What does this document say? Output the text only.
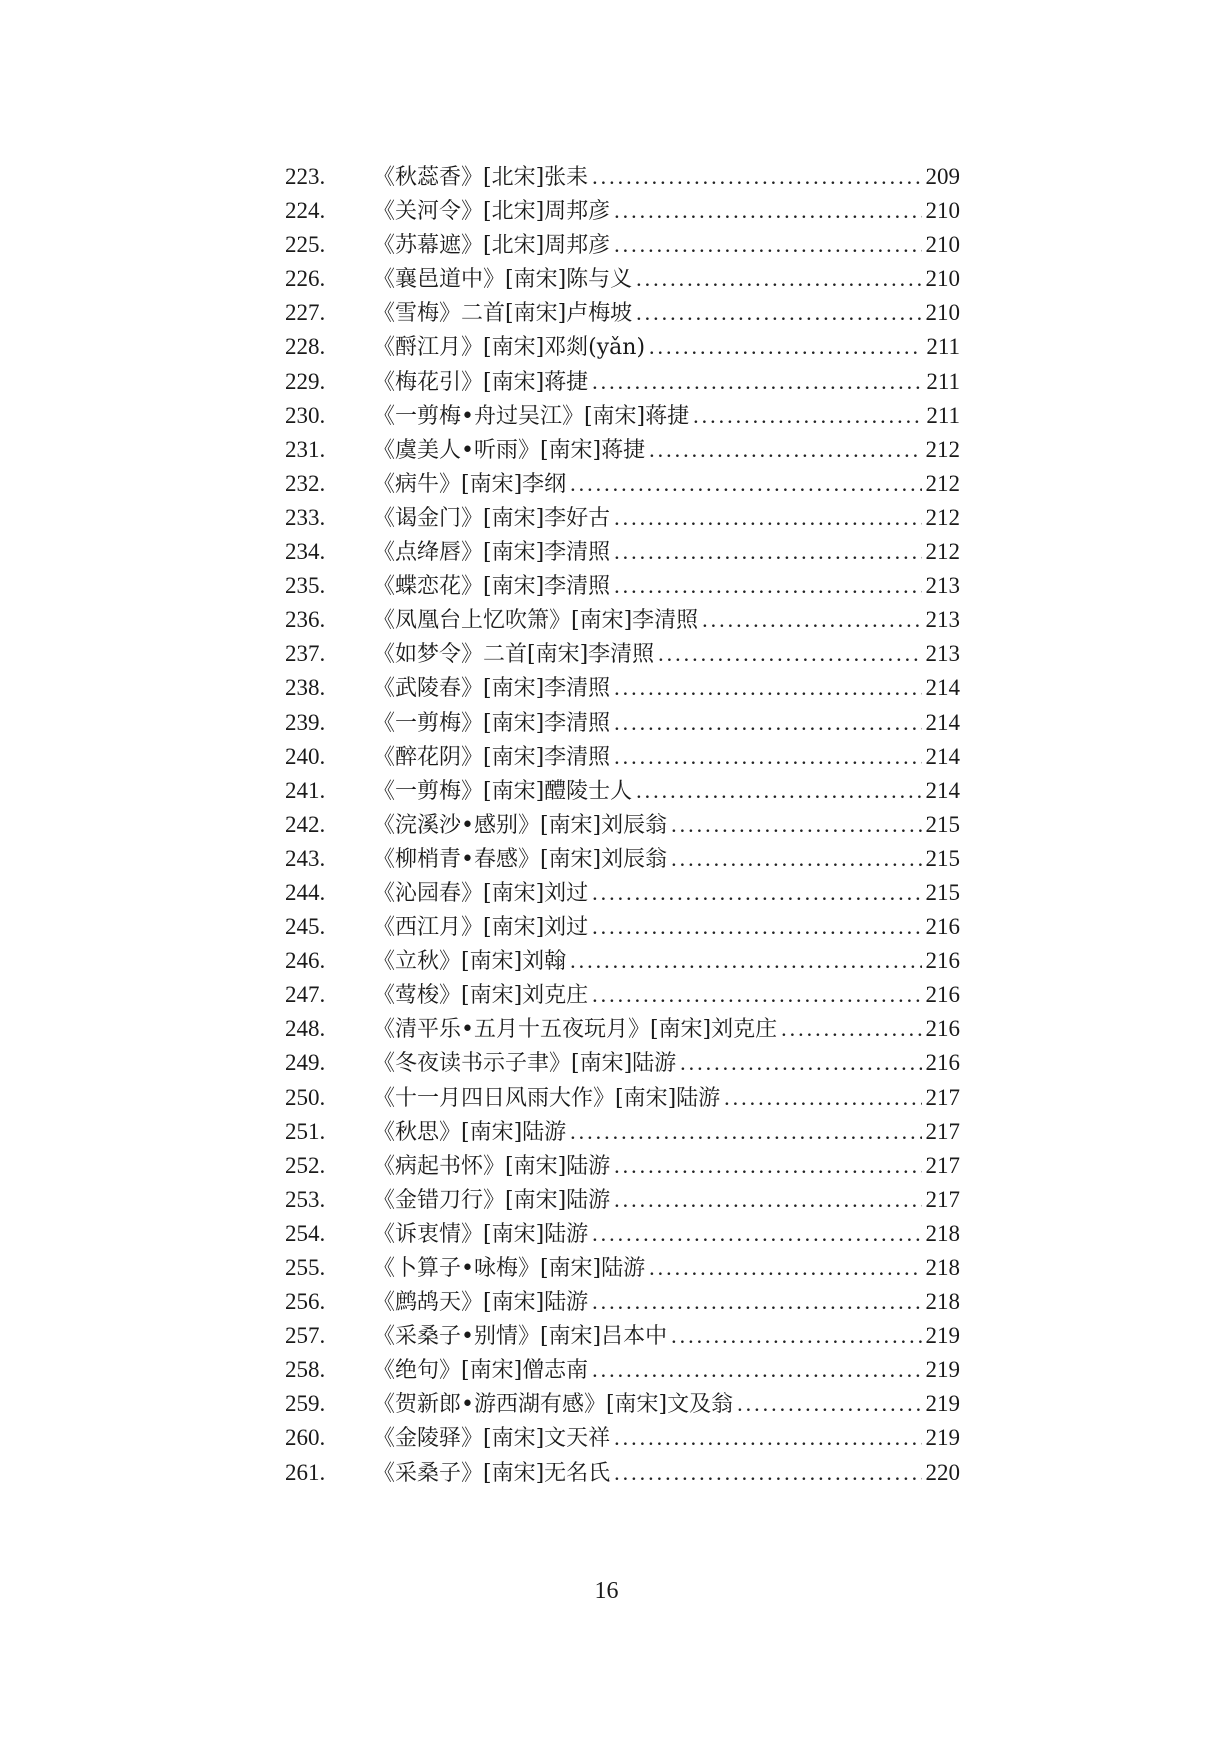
223.	《秋蕊香》[北宋]张耒 .....	209
224.	《关河令》[北宋]周邦彦 .....	210
225.	《苏幕遮》[北宋]周邦彦 .....	210
226.	《襄邑道中》[南宋]陈与义 .....	210
227.	《雪梅》二首[南宋]卢梅坡 .....	210
228.	《酹江月》[南宋]邓剡(yǎn) .....	211
229.	《梅花引》[南宋]蒋捷 .....	211
230.	《一剪梅•舟过吴江》[南宋]蒋捷 .....	211
231.	《虞美人•听雨》[南宋]蒋捷 .....	212
232.	《病牛》[南宋]李纲 .....	212
233.	《谒金门》[南宋]李好古 .....	212
234.	《点绛唇》[南宋]李清照 .....	212
235.	《蝶恋花》[南宋]李清照 .....	213
236.	《凤凰台上忆吹箫》[南宋]李清照 .....	213
237.	《如梦令》二首[南宋]李清照 .....	213
238.	《武陵春》[南宋]李清照 .....	214
239.	《一剪梅》[南宋]李清照 .....	214
240.	《醉花阴》[南宋]李清照 .....	214
241.	《一剪梅》[南宋]醴陵士人 .....	214
242.	《浣溪沙•感别》[南宋]刘辰翁 .....	215
243.	《柳梢青•春感》[南宋]刘辰翁 .....	215
244.	《沁园春》[南宋]刘过 .....	215
245.	《西江月》[南宋]刘过 .....	216
246.	《立秋》[南宋]刘翰 .....	216
247.	《莺梭》[南宋]刘克庄 .....	216
248.	《清平乐•五月十五夜玩月》[南宋]刘克庄 .....	216
249.	《冬夜读书示子聿》[南宋]陆游 .....	216
250.	《十一月四日风雨大作》[南宋]陆游 .....	217
251.	《秋思》[南宋]陆游 .....	217
252.	《病起书怀》[南宋]陆游 .....	217
253.	《金错刀行》[南宋]陆游 .....	217
254.	《诉衷情》[南宋]陆游 .....	218
255.	《卜算子•咏梅》[南宋]陆游 .....	218
256.	《鹧鸪天》[南宋]陆游 .....	218
257.	《采桑子•别情》[南宋]吕本中 .....	219
258.	《绝句》[南宋]僧志南 .....	219
259.	《贺新郎•游西湖有感》[南宋]文及翁 .....	219
260.	《金陵驿》[南宋]文天祥 .....	219
261.	《采桑子》[南宋]无名氏 .....	220
16
